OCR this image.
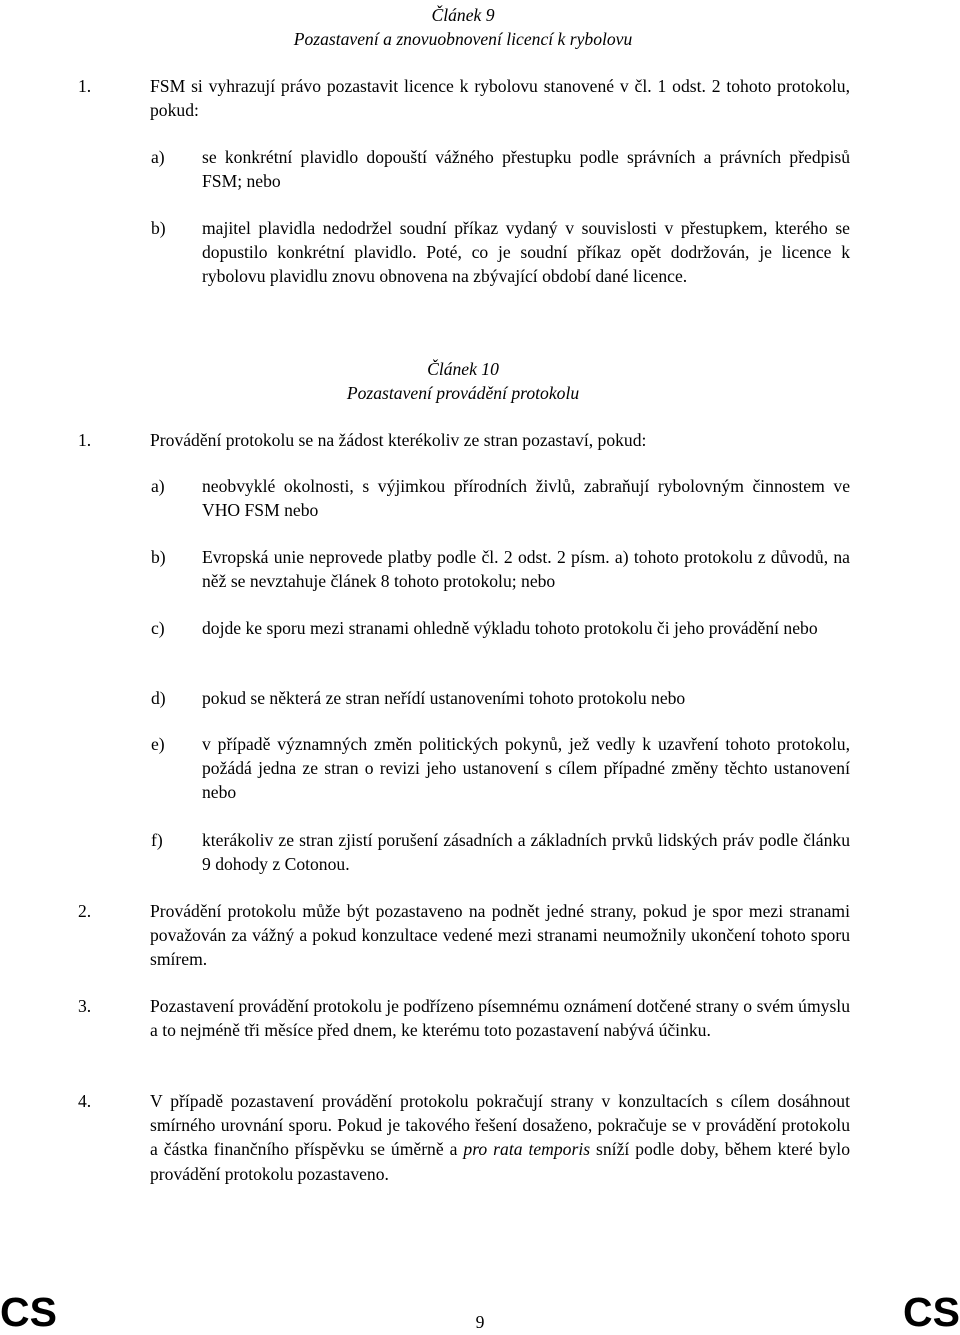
Článek 9
Pozastavení a znovuobnovení licencí k rybolovu
1.	FSM si vyhrazují právo pozastavit licence k rybolovu stanovené v čl. 1 odst. 2 tohoto protokolu, pokud:
a) se konkrétní plavidlo dopouští vážného přestupku podle správních a právních předpisů FSM; nebo
b) majitel plavidla nedodržel soudní příkaz vydaný v souvislosti v přestupkem, kterého se dopustilo konkrétní plavidlo. Poté, co je soudní příkaz opět dodržován, je licence k rybolovu plavidlu znovu obnovena na zbývající období dané licence.
Článek 10
Pozastavení provádění protokolu
1.	Provádění protokolu se na žádost kterékoliv ze stran pozastaví, pokud:
a) neobvyklé okolnosti, s výjimkou přírodních živlů, zabraňují rybolovným činnostem ve VHO FSM nebo
b) Evropská unie neprovede platby podle čl. 2 odst. 2 písm. a) tohoto protokolu z důvodů, na něž se nevztahuje článek 8 tohoto protokolu; nebo
c) dojde ke sporu mezi stranami ohledně výkladu tohoto protokolu či jeho provádění nebo
d) pokud se některá ze stran neřídí ustanoveními tohoto protokolu nebo
e) v případě významných změn politických pokynů, jež vedly k uzavření tohoto protokolu, požádá jedna ze stran o revizi jeho ustanovení s cílem případné změny těchto ustanovení nebo
f) kterákoliv ze stran zjistí porušení zásadních a základních prvků lidských práv podle článku 9 dohody z Cotonou.
2.	Provádění protokolu může být pozastaveno na podnět jedné strany, pokud je spor mezi stranami považován za vážný a pokud konzultace vedené mezi stranami neumožnily ukončení tohoto sporu smírem.
3.	Pozastavení provádění protokolu je podřízeno písemnému oznámení dotčené strany o svém úmyslu a to nejméně tři měsíce před dnem, ke kterému toto pozastavení nabývá účinku.
4.	V případě pozastavení provádění protokolu pokračují strany v konzultacích s cílem dosáhnout smírného urovnání sporu. Pokud je takového řešení dosaženo, pokračuje se v provádění protokolu a částka finančního příspěvku se úměrně a pro rata temporis sníží podle doby, během které bylo provádění protokolu pozastaveno.
CS	9	CS
